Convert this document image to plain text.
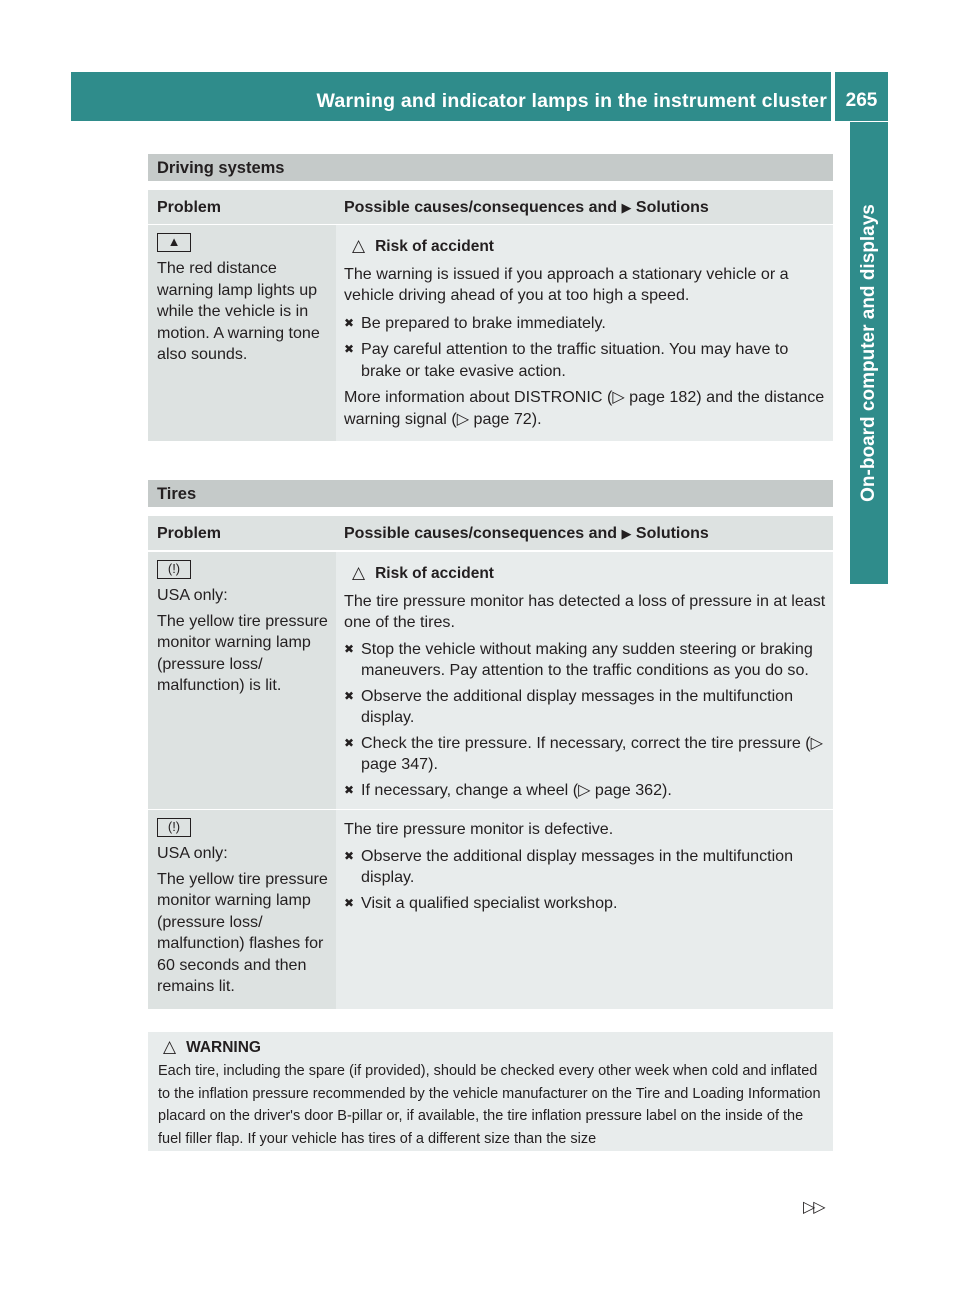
Warning and indicator lamps in the instrument cluster 265
On-board computer and displays
Driving systems
Problem	Possible causes/consequences and ▶ Solutions
▲

The red distance warning lamp lights up while the vehicle is in motion. A warning tone also sounds.

△ Risk of accident

The warning is issued if you approach a stationary vehicle or a vehicle driving ahead of you at too high a speed.

✖ Be prepared to brake immediately.

✖ Pay careful attention to the traffic situation. You may have to brake or take evasive action.

More information about DISTRONIC (▷ page 182) and the distance warning signal (▷ page 72).

Tires
Problem	Possible causes/consequences and ▶ Solutions
(!)

USA only:

The yellow tire pressure monitor warning lamp (pressure loss/ malfunction) is lit.

△ Risk of accident

The tire pressure monitor has detected a loss of pressure in at least one of the tires.

✖ Stop the vehicle without making any sudden steering or braking maneuvers. Pay attention to the traffic conditions as you do so.

✖ Observe the additional display messages in the multifunction display.

✖ Check the tire pressure. If necessary, correct the tire pressure (▷ page 347).

✖ If necessary, change a wheel (▷ page 362).

(!)

USA only:

The yellow tire pressure monitor warning lamp (pressure loss/ malfunction) flashes for 60 seconds and then remains lit.

The tire pressure monitor is defective.

✖ Observe the additional display messages in the multifunction display.

✖ Visit a qualified specialist workshop.

△ WARNING

Each tire, including the spare (if provided), should be checked every other week when cold and inflated to the inflation pressure recommended by the vehicle manufacturer on the Tire and Loading Information placard on the driver's door B-pillar or, if available, the tire inflation pressure label on the inside of the fuel filler flap. If your vehicle has tires of a different size than the size

▷▷
